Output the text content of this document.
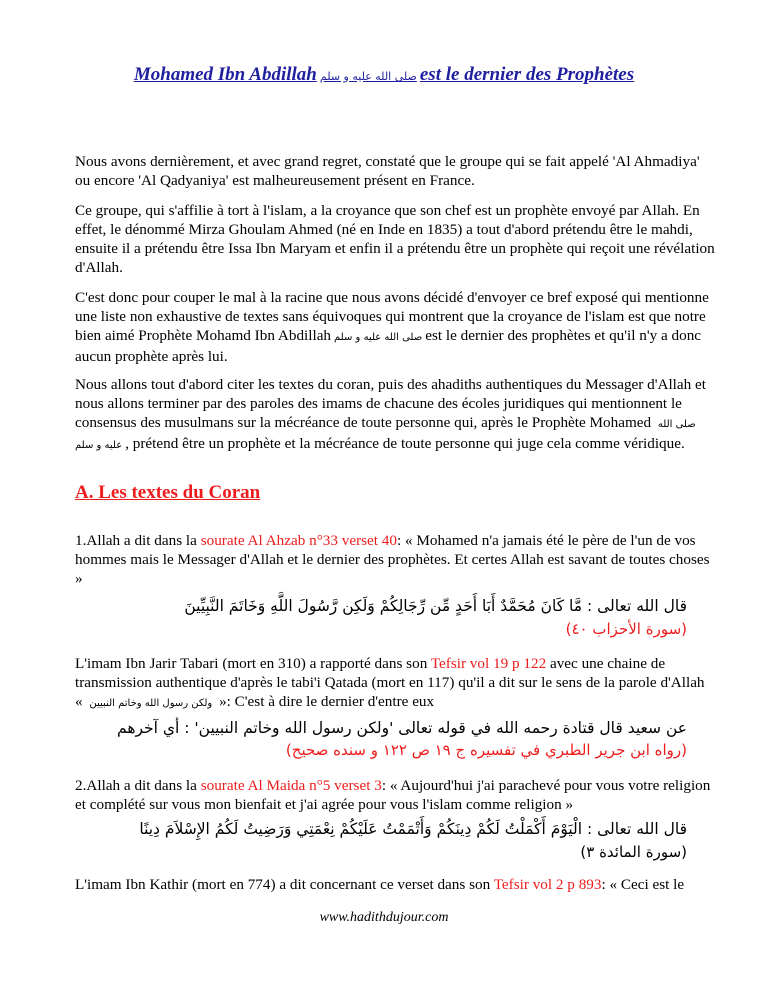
Mohamed Ibn Abdillah صلى الله عليه و سلم est le dernier des Prophètes
Nous avons dernièrement, et avec grand regret, constaté que le groupe qui se fait appelé 'Al Ahmadiya' ou encore 'Al Qadyaniya' est malheureusement présent en France.
Ce groupe, qui s'affilie à tort à l'islam, a la croyance que son chef est un prophète envoyé par Allah. En effet, le dénommé Mirza Ghoulam Ahmed (né en Inde en 1835) a tout d'abord prétendu être le mahdi, ensuite il a prétendu être Issa Ibn Maryam et enfin il a prétendu être un prophète qui reçoit une révélation d'Allah.
C'est donc pour couper le mal à la racine que nous avons décidé d'envoyer ce bref exposé qui mentionne une liste non exhaustive de textes sans équivoques qui montrent que la croyance de l'islam est que notre bien aimé Prophète Mohamd Ibn Abdillah صلى الله عليه و سلم est le dernier des prophètes et qu'il n'y a donc aucun prophète après lui.
Nous allons tout d'abord citer les textes du coran, puis des ahadiths authentiques du Messager d'Allah et nous allons terminer par des paroles des imams de chacune des écoles juridiques qui mentionnent le consensus des musulmans sur la mécréance de toute personne qui, après le Prophète Mohamed صلى الله عليه و سلم , prétend être un prophète et la mécréance de toute personne qui juge cela comme véridique.
A. Les textes du Coran
1.Allah a dit dans la sourate Al Ahzab n°33 verset 40: « Mohamed n'a jamais été le père de l'un de vos hommes mais le Messager d'Allah et le dernier des prophètes. Et certes Allah est savant de toutes choses »
قال الله تعالى : مَّا كَانَ مُحَمَّدٌ أَبَا أَحَدٍ مِّن رِّجَالِكُمْ وَلَكِن رَّسُولَ اللَّهِ وَخَاتَمَ النَّبِيِّينَ
(سورة الأحزاب ٤٠)
L'imam Ibn Jarir Tabari (mort en 310) a rapporté dans son Tefsir vol 19 p 122 avec une chaine de transmission authentique d'après le tabi'i Qatada (mort en 117) qu'il a dit sur le sens de la parole d'Allah « ولكن رسول الله وخاتم النبيين »: C'est à dire le dernier d'entre eux
عن سعيد قال قتادة رحمه الله في قوله تعالى 'ولكن رسول الله وخاتم النبيين' : أي آخرهم
(رواه ابن جرير الطبري في تفسيره ج ١٩ ص ١٢٢ و سنده صحيح)
2.Allah a dit dans la sourate Al Maida n°5 verset 3: « Aujourd'hui j'ai parachevé pour vous votre religion et complété sur vous mon bienfait et j'ai agrée pour vous l'islam comme religion »
قال الله تعالى : الْيَوْمَ أَكْمَلْتُ لَكُمْ دِينَكُمْ وَأَتْمَمْتُ عَلَيْكُمْ نِعْمَتِي وَرَضِيتُ لَكُمُ الإِسْلاَمَ دِينًا
(سورة المائدة ٣)
L'imam Ibn Kathir (mort en 774) a dit concernant ce verset dans son Tefsir vol 2 p 893: « Ceci est le
www.hadithdujour.com
